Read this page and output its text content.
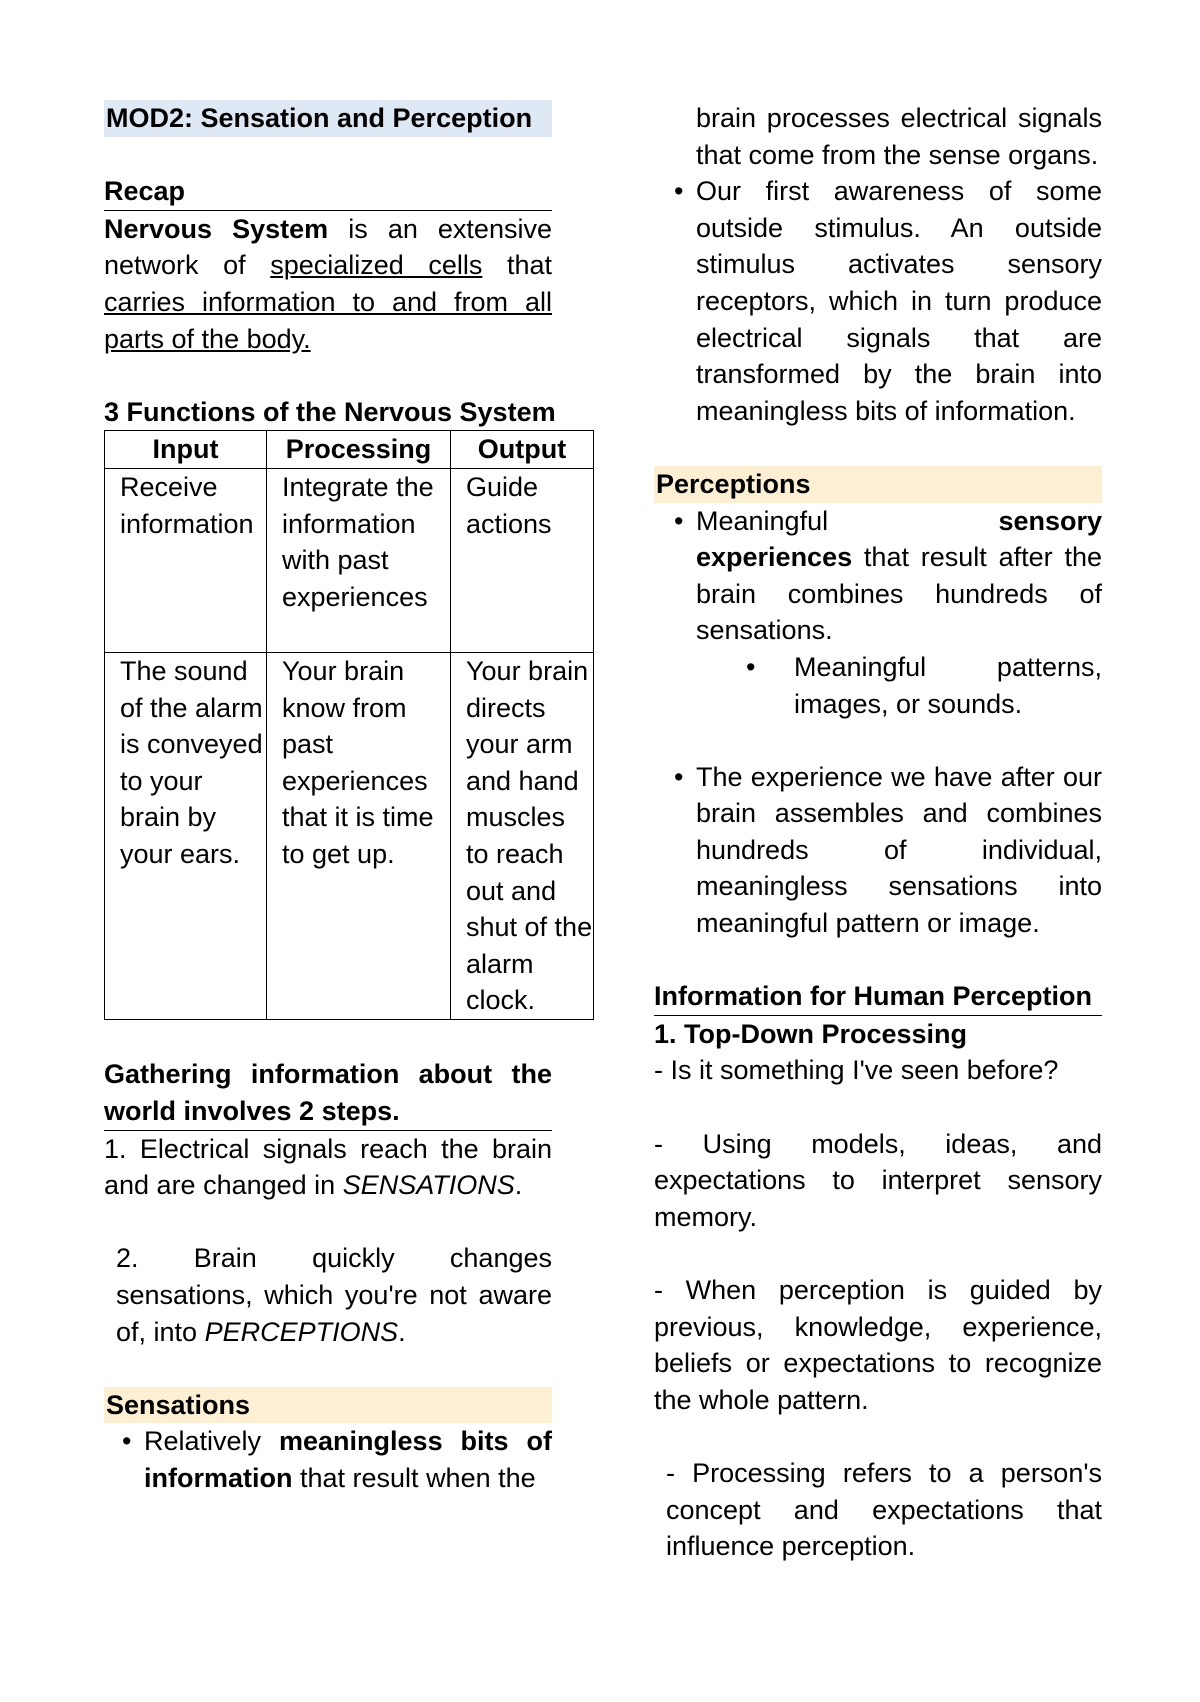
MOD2: Sensation and Perception

Recap

Nervous System is an extensive network of specialized cells that carries information to and from all parts of the body.

3 Functions of the Nervous System

Input	Processing	Output
Receive information	Integrate the information with past experiences	Guide actions
The sound of the alarm is conveyed to your brain by your ears.	Your brain know from past experiences that it is time to get up.	Your brain directs your arm and hand muscles to reach out and shut of the alarm clock.

Gathering information about the world involves 2 steps.

1. Electrical signals reach the brain and are changed in SENSATIONS.

2. Brain quickly changes sensations, which you're not aware of, into PERCEPTIONS.

Sensations

• Relatively meaningless bits of information that result when the

brain processes electrical signals that come from the sense organs.

• Our first awareness of some outside stimulus. An outside stimulus activates sensory receptors, which in turn produce electrical signals that are transformed by the brain into meaningless bits of information.

Perceptions

• Meaningful sensory experiences that result after the brain combines hundreds of sensations.
• Meaningful patterns, images, or sounds.
• The experience we have after our brain assembles and combines hundreds of individual, meaningless sensations into meaningful pattern or image.

Information for Human Perception

1. Top-Down Processing

- Is it something I've seen before?

- Using models, ideas, and expectations to interpret sensory memory.

- When perception is guided by previous, knowledge, experience, beliefs or expectations to recognize the whole pattern.

- Processing refers to a person's concept and expectations that influence perception.
